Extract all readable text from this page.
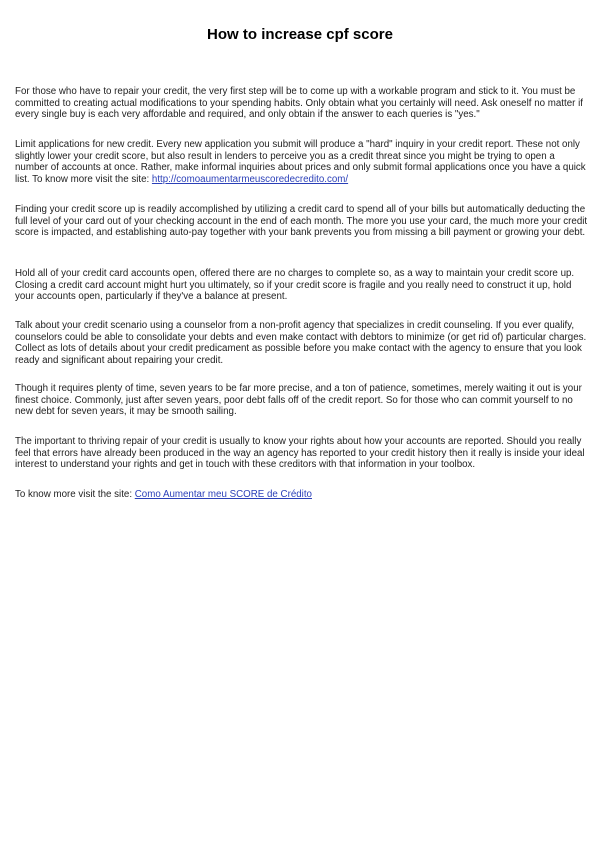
How to increase cpf score

For those who have to repair your credit, the very first step will be to come up with a workable program and stick to it. You must be committed to creating actual modifications to your spending habits. Only obtain what you certainly will need. Ask oneself no matter if every single buy is each very affordable and required, and only obtain if the answer to each queries is "yes."

Limit applications for new credit. Every new application you submit will produce a "hard" inquiry in your credit report. These not only slightly lower your credit score, but also result in lenders to perceive you as a credit threat since you might be trying to open a number of accounts at once. Rather, make informal inquiries about prices and only submit formal applications once you have a quick list. To know more visit the site: http://comoaumentarmeuscoredecredito.com/

Finding your credit score up is readily accomplished by utilizing a credit card to spend all of your bills but automatically deducting the full level of your card out of your checking account in the end of each month. The more you use your card, the much more your credit score is impacted, and establishing auto-pay together with your bank prevents you from missing a bill payment or growing your debt.

Hold all of your credit card accounts open, offered there are no charges to complete so, as a way to maintain your credit score up. Closing a credit card account might hurt you ultimately, so if your credit score is fragile and you really need to construct it up, hold your accounts open, particularly if they've a balance at present.

Talk about your credit scenario using a counselor from a non-profit agency that specializes in credit counseling. If you ever qualify, counselors could be able to consolidate your debts and even make contact with debtors to minimize (or get rid of) particular charges. Collect as lots of details about your credit predicament as possible before you make contact with the agency to ensure that you look ready and significant about repairing your credit.

Though it requires plenty of time, seven years to be far more precise, and a ton of patience, sometimes, merely waiting it out is your finest choice. Commonly, just after seven years, poor debt falls off of the credit report. So for those who can commit yourself to no new debt for seven years, it may be smooth sailing.

The important to thriving repair of your credit is usually to know your rights about how your accounts are reported. Should you really feel that errors have already been produced in the way an agency has reported to your credit history then it really is inside your ideal interest to understand your rights and get in touch with these creditors with that information in your toolbox.

To know more visit the site: Como Aumentar meu SCORE de Crédito
